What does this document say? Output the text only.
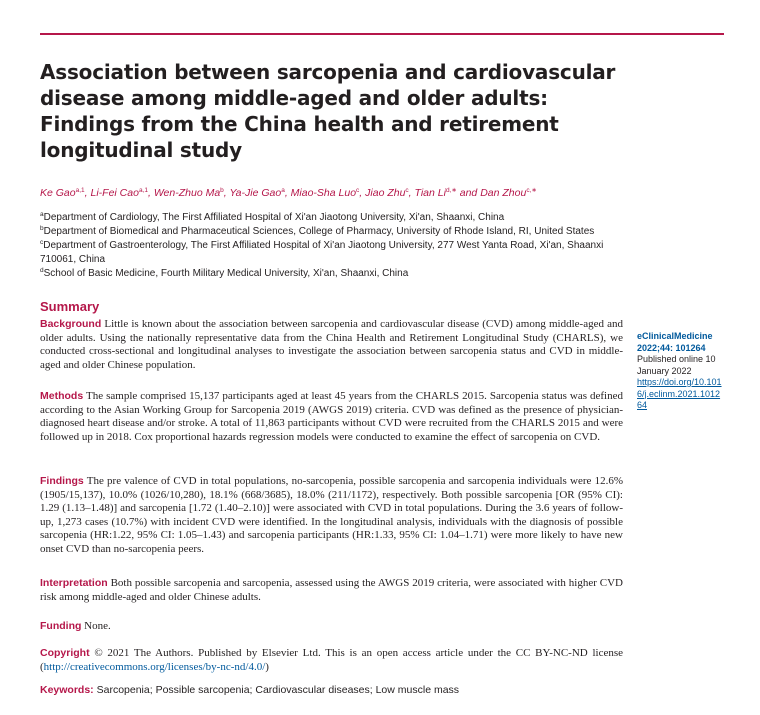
Association between sarcopenia and cardiovascular disease among middle-aged and older adults: Findings from the China health and retirement longitudinal study
Ke Gao$^{a,1}$, Li-Fei Cao$^{a,1}$, Wen-Zhuo Ma$^b$, Ya-Jie Gao$^a$, Miao-Sha Luo$^c$, Jiao Zhu$^c$, Tian $Li^{d,∗}$ and Dan Zhou$^{c,∗}$
$^a$Department of Cardiology, The First Affiliated Hospital of Xi'an Jiaotong University, Xi'an, Shaanxi, China
$^b$Department of Biomedical and Pharmaceutical Sciences, College of Pharmacy, University of Rhode Island, RI, United States
$^c$Department of Gastroenterology, The First Affiliated Hospital of Xi'an Jiaotong University, 277 West Yanta Road, Xi'an, Shaanxi 710061, China
$^d$School of Basic Medicine, Fourth Military Medical University, Xi'an, Shaanxi, China
Summary

Background Little is known about the association between sarcopenia and cardiovascular disease (CVD) among middle-aged and older adults. Using the nationally representative data from the China Health and Retirement Longitudinal Study (CHARLS), we conducted cross-sectional and longitudinal analyses to investigate the association between sarcopenia status and CVD in middle-aged and older Chinese population.

Methods The sample comprised 15,137 participants aged at least 45 years from the CHARLS 2015. Sarcopenia status was defined according to the Asian Working Group for Sarcopenia 2019 (AWGS 2019) criteria. CVD was defined as the presence of physician-diagnosed heart disease and/or stroke. A total of 11,863 participants without CVD were recruited from the CHARLS 2015 and were followed up in 2018. Cox proportional hazards regression models were conducted to examine the effect of sarcopenia on CVD.

Findings The pre valence of CVD in total populations, no-sarcopenia, possible sarcopenia and sarcopenia individuals were 12.6% (1905/15,137), 10.0% (1026/10,280), 18.1% (668/3685), 18.0% (211/1172), respectively. Both possible sarcopenia [OR (95% CI): 1.29 (1.13–1.48)] and sarcopenia [1.72 (1.40–2.10)] were associated with CVD in total populations. During the 3.6 years of follow-up, 1,273 cases (10.7%) with incident CVD were identified. In the longitudinal analysis, individuals with the diagnosis of possible sarcopenia (HR:1.22, 95% CI: 1.05–1.43) and sarcopenia participants (HR:1.33, 95% CI: 1.04–1.71) were more likely to have new onset CVD than no-sarcopenia peers.

Interpretation Both possible sarcopenia and sarcopenia, assessed using the AWGS 2019 criteria, were associated with higher CVD risk among middle-aged and older Chinese adults.

Funding None.

Copyright © 2021 The Authors. Published by Elsevier Ltd. This is an open access article under the CC BY-NC-ND license (http://creativecommons.org/licenses/by-nc-nd/4.0/)

Keywords: Sarcopenia; Possible sarcopenia; Cardiovascular diseases; Low muscle mass
eClinicalMedicine
2022;44: 101264
Published online 10 January 2022
https://doi.org/10.1016/j.eclinm.2021.101264
